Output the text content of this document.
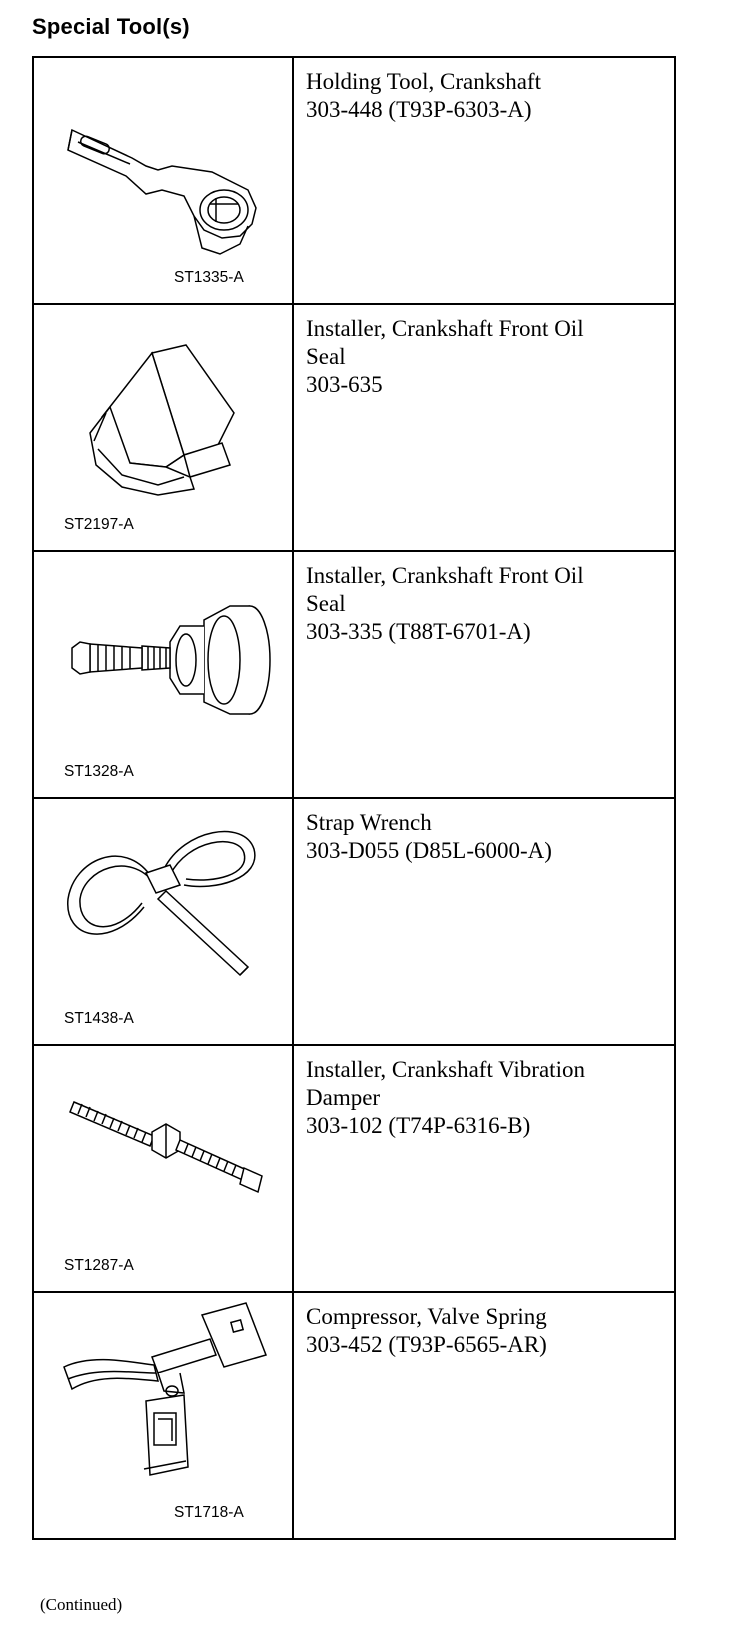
Special Tool(s)
ST1335-A	Holding Tool, Crankshaft
303-448 (T93P-6303-A)

ST2197-A	Installer, Crankshaft Front Oil
Seal
303-635

ST1328-A	Installer, Crankshaft Front Oil
Seal
303-335 (T88T-6701-A)

ST1438-A	Strap Wrench
303-D055 (D85L-6000-A)

ST1287-A	Installer, Crankshaft Vibration
Damper
303-102 (T74P-6316-B)

ST1718-A	Compressor, Valve Spring
303-452 (T93P-6565-AR)
(Continued)
